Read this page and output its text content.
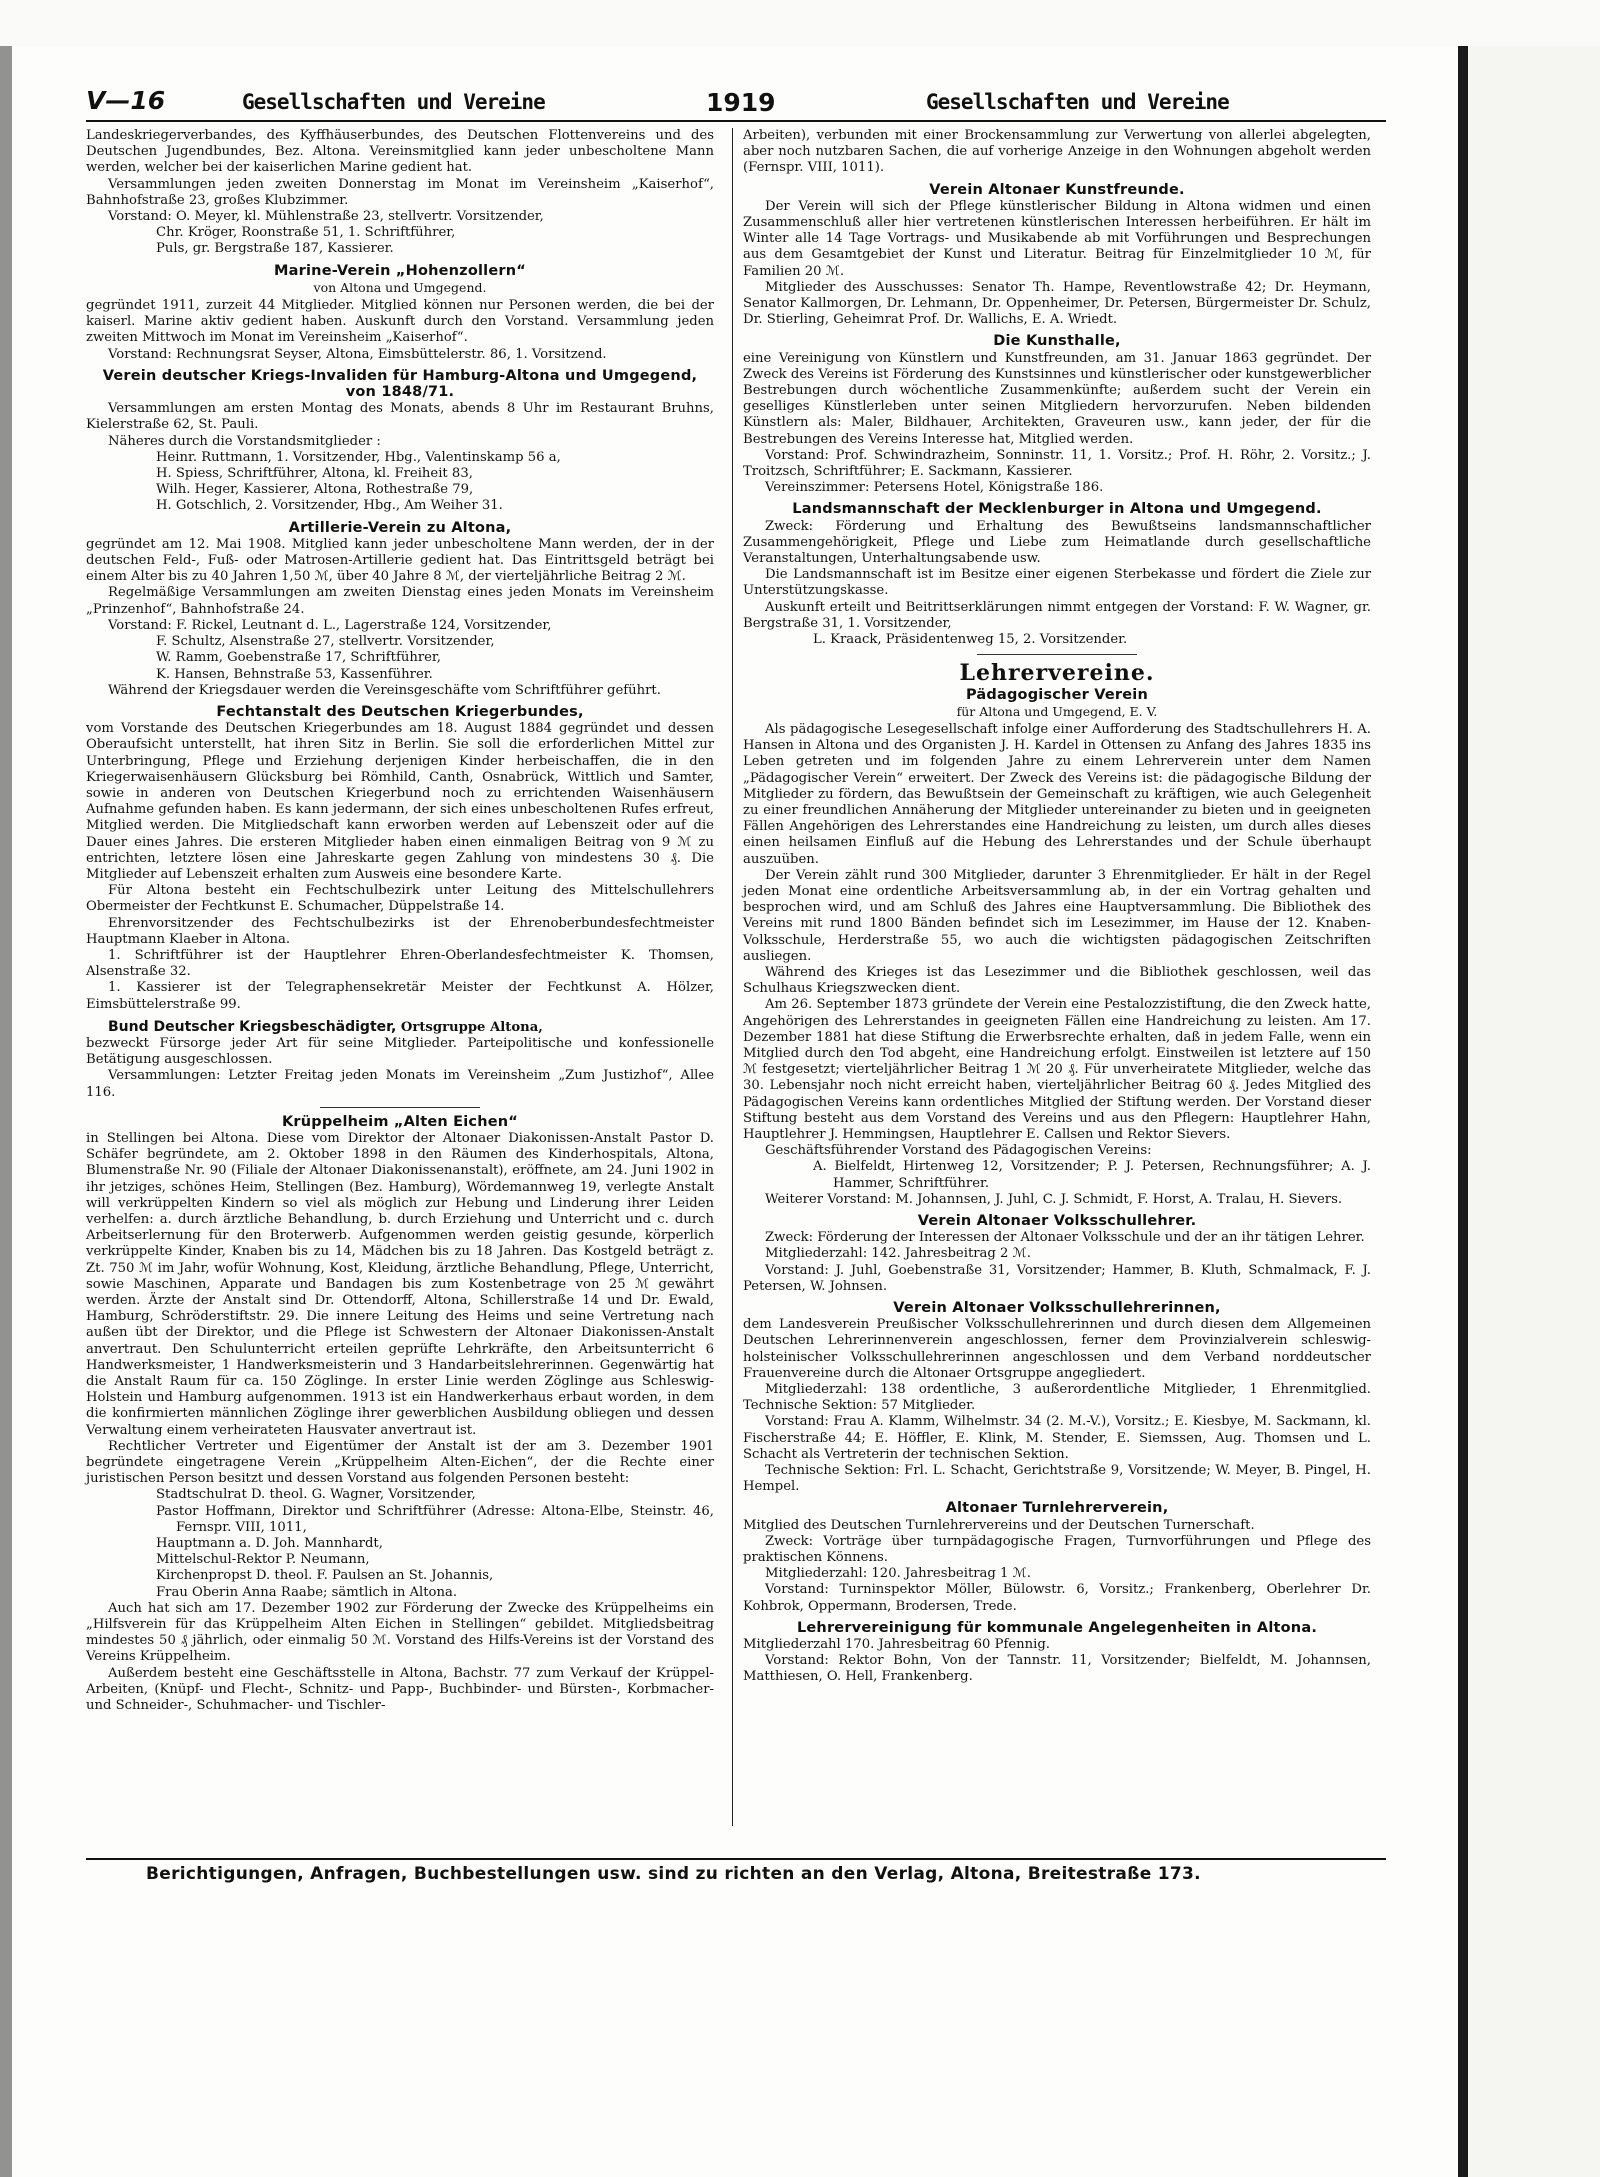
V—16	Gesellschaften und Vereine	1919	Gesellschaften und Vereine

Landeskriegerverbandes, des Kyffhäuserbundes, des Deutschen Flottenvereins und des Deutschen Jugendbundes, Bez. Altona. Vereinsmitglied kann jeder unbescholtene Mann werden, welcher bei der kaiserlichen Marine gedient hat.

Versammlungen jeden zweiten Donnerstag im Monat im Vereinsheim „Kaiserhof“, Bahnhofstraße 23, großes Klubzimmer.

Vorstand: O. Meyer, kl. Mühlenstraße 23, stellvertr. Vorsitzender,

Chr. Kröger, Roonstraße 51, 1. Schriftführer,

Puls, gr. Bergstraße 187, Kassierer.

Marine-Verein „Hohenzollern“
von Altona und Umgegend.

gegründet 1911, zurzeit 44 Mitglieder. Mitglied können nur Personen werden, die bei der kaiserl. Marine aktiv gedient haben. Auskunft durch den Vorstand. Versammlung jeden zweiten Mittwoch im Monat im Vereinsheim „Kaiserhof“.

Vorstand: Rechnungsrat Seyser, Altona, Eimsbüttelerstr. 86, 1. Vorsitzend.

Verein deutscher Kriegs-Invaliden für Hamburg-Altona und Umgegend, von 1848/71.

Versammlungen am ersten Montag des Monats, abends 8 Uhr im Restaurant Bruhns, Kielerstraße 62, St. Pauli.

Näheres durch die Vorstandsmitglieder :

Heinr. Ruttmann, 1. Vorsitzender, Hbg., Valentinskamp 56 a,

H. Spiess, Schriftführer, Altona, kl. Freiheit 83,

Wilh. Heger, Kassierer, Altona, Rothestraße 79,

H. Gotschlich, 2. Vorsitzender, Hbg., Am Weiher 31.

Artillerie-Verein zu Altona,

gegründet am 12. Mai 1908. Mitglied kann jeder unbescholtene Mann werden, der in der deutschen Feld-, Fuß- oder Matrosen-Artillerie gedient hat. Das Eintrittsgeld beträgt bei einem Alter bis zu 40 Jahren 1,50 ℳ, über 40 Jahre 8 ℳ, der vierteljährliche Beitrag 2 ℳ.

Regelmäßige Versammlungen am zweiten Dienstag eines jeden Monats im Vereinsheim „Prinzenhof“, Bahnhofstraße 24.

Vorstand: F. Rickel, Leutnant d. L., Lagerstraße 124, Vorsitzender,

F. Schultz, Alsenstraße 27, stellvertr. Vorsitzender,

W. Ramm, Goebenstraße 17, Schriftführer,

K. Hansen, Behnstraße 53, Kassenführer.

Während der Kriegsdauer werden die Vereinsgeschäfte vom Schriftführer geführt.

Fechtanstalt des Deutschen Kriegerbundes,

vom Vorstande des Deutschen Kriegerbundes am 18. August 1884 gegründet und dessen Oberaufsicht unterstellt, hat ihren Sitz in Berlin. Sie soll die erforderlichen Mittel zur Unterbringung, Pflege und Erziehung derjenigen Kinder herbeischaffen, die in den Kriegerwaisenhäusern Glücksburg bei Römhild, Canth, Osnabrück, Wittlich und Samter, sowie in anderen von Deutschen Kriegerbund noch zu errichtenden Waisenhäusern Aufnahme gefunden haben. Es kann jedermann, der sich eines unbescholtenen Rufes erfreut, Mitglied werden. Die Mitgliedschaft kann erworben werden auf Lebenszeit oder auf die Dauer eines Jahres. Die ersteren Mitglieder haben einen einmaligen Beitrag von 9 ℳ zu entrichten, letztere lösen eine Jahreskarte gegen Zahlung von mindestens 30 ₰. Die Mitglieder auf Lebenszeit erhalten zum Ausweis eine besondere Karte.

Für Altona besteht ein Fechtschulbezirk unter Leitung des Mittelschullehrers Obermeister der Fechtkunst E. Schumacher, Düppelstraße 14.

Ehrenvorsitzender des Fechtschulbezirks ist der Ehrenoberbundesfechtmeister Hauptmann Klaeber in Altona.

1. Schriftführer ist der Hauptlehrer Ehren-Oberlandesfechtmeister K. Thomsen, Alsenstraße 32.

1. Kassierer ist der Telegraphensekretär Meister der Fechtkunst A. Hölzer, Eimsbüttelerstraße 99.

Bund Deutscher Kriegsbeschädigter, Ortsgruppe Altona,

bezweckt Fürsorge jeder Art für seine Mitglieder. Parteipolitische und konfessionelle Betätigung ausgeschlossen.

Versammlungen: Letzter Freitag jeden Monats im Vereinsheim „Zum Justizhof“, Allee 116.

Krüppelheim „Alten Eichen“

in Stellingen bei Altona. Diese vom Direktor der Altonaer Diakonissen-Anstalt Pastor D. Schäfer begründete, am 2. Oktober 1898 in den Räumen des Kinderhospitals, Altona, Blumenstraße Nr. 90 (Filiale der Altonaer Diakonissenanstalt), eröffnete, am 24. Juni 1902 in ihr jetziges, schönes Heim, Stellingen (Bez. Hamburg), Wördemannweg 19, verlegte Anstalt will verkrüppelten Kindern so viel als möglich zur Hebung und Linderung ihrer Leiden verhelfen: a. durch ärztliche Behandlung, b. durch Erziehung und Unterricht und c. durch Arbeitserlernung für den Broterwerb. Aufgenommen werden geistig gesunde, körperlich verkrüppelte Kinder, Knaben bis zu 14, Mädchen bis zu 18 Jahren. Das Kostgeld beträgt z. Zt. 750 ℳ im Jahr, wofür Wohnung, Kost, Kleidung, ärztliche Behandlung, Pflege, Unterricht, sowie Maschinen, Apparate und Bandagen bis zum Kostenbetrage von 25 ℳ gewährt werden. Ärzte der Anstalt sind Dr. Ottendorff, Altona, Schillerstraße 14 und Dr. Ewald, Hamburg, Schröderstiftstr. 29. Die innere Leitung des Heims und seine Vertretung nach außen übt der Direktor, und die Pflege ist Schwestern der Altonaer Diakonissen-Anstalt anvertraut. Den Schulunterricht erteilen geprüfte Lehrkräfte, den Arbeitsunterricht 6 Handwerksmeister, 1 Handwerksmeisterin und 3 Handarbeitslehrerinnen. Gegenwärtig hat die Anstalt Raum für ca. 150 Zöglinge. In erster Linie werden Zöglinge aus Schleswig-Holstein und Hamburg aufgenommen. 1913 ist ein Handwerkerhaus erbaut worden, in dem die konfirmierten männlichen Zöglinge ihrer gewerblichen Ausbildung obliegen und dessen Verwaltung einem verheirateten Hausvater anvertraut ist.

Rechtlicher Vertreter und Eigentümer der Anstalt ist der am 3. Dezember 1901 begründete eingetragene Verein „Krüppelheim Alten-Eichen“, der die Rechte einer juristischen Person besitzt und dessen Vorstand aus folgenden Personen besteht:

Stadtschulrat D. theol. G. Wagner, Vorsitzender,

Pastor Hoffmann, Direktor und Schriftführer (Adresse: Altona-Elbe, Steinstr. 46, Fernspr. VIII, 1011,

Hauptmann a. D. Joh. Mannhardt,

Mittelschul-Rektor P. Neumann,

Kirchenpropst D. theol. F. Paulsen an St. Johannis,

Frau Oberin Anna Raabe; sämtlich in Altona.

Auch hat sich am 17. Dezember 1902 zur Förderung der Zwecke des Krüppelheims ein „Hilfsverein für das Krüppelheim Alten Eichen in Stellingen“ gebildet. Mitgliedsbeitrag mindestes 50 ₰ jährlich, oder einmalig 50 ℳ. Vorstand des Hilfs-Vereins ist der Vorstand des Vereins Krüppelheim.

Außerdem besteht eine Geschäftsstelle in Altona, Bachstr. 77 zum Verkauf der Krüppel-Arbeiten, (Knüpf- und Flecht-, Schnitz- und Papp-, Buchbinder- und Bürsten-, Korbmacher- und Schneider-, Schuhmacher- und Tischler-

Arbeiten), verbunden mit einer Brockensammlung zur Verwertung von allerlei abgelegten, aber noch nutzbaren Sachen, die auf vorherige Anzeige in den Wohnungen abgeholt werden (Fernspr. VIII, 1011).

Verein Altonaer Kunstfreunde.

Der Verein will sich der Pflege künstlerischer Bildung in Altona widmen und einen Zusammenschluß aller hier vertretenen künstlerischen Interessen herbeiführen. Er hält im Winter alle 14 Tage Vortrags- und Musikabende ab mit Vorführungen und Besprechungen aus dem Gesamtgebiet der Kunst und Literatur. Beitrag für Einzelmitglieder 10 ℳ, für Familien 20 ℳ.

Mitglieder des Ausschusses: Senator Th. Hampe, Reventlowstraße 42; Dr. Heymann, Senator Kallmorgen, Dr. Lehmann, Dr. Oppenheimer, Dr. Petersen, Bürgermeister Dr. Schulz, Dr. Stierling, Geheimrat Prof. Dr. Wallichs, E. A. Wriedt.

Die Kunsthalle,

eine Vereinigung von Künstlern und Kunstfreunden, am 31. Januar 1863 gegründet. Der Zweck des Vereins ist Förderung des Kunstsinnes und künstlerischer oder kunstgewerblicher Bestrebungen durch wöchentliche Zusammenkünfte; außerdem sucht der Verein ein geselliges Künstlerleben unter seinen Mitgliedern hervorzurufen. Neben bildenden Künstlern als: Maler, Bildhauer, Architekten, Graveuren usw., kann jeder, der für die Bestrebungen des Vereins Interesse hat, Mitglied werden.

Vorstand: Prof. Schwindrazheim, Sonninstr. 11, 1. Vorsitz.; Prof. H. Röhr, 2. Vorsitz.; J. Troitzsch, Schriftführer; E. Sackmann, Kassierer.

Vereinszimmer: Petersens Hotel, Königstraße 186.

Landsmannschaft der Mecklenburger in Altona und Umgegend.

Zweck: Förderung und Erhaltung des Bewußtseins landsmannschaftlicher Zusammengehörigkeit, Pflege und Liebe zum Heimatlande durch gesellschaftliche Veranstaltungen, Unterhaltungsabende usw.

Die Landsmannschaft ist im Besitze einer eigenen Sterbekasse und fördert die Ziele zur Unterstützungskasse.

Auskunft erteilt und Beitrittserklärungen nimmt entgegen der Vorstand: F. W. Wagner, gr. Bergstraße 31, 1. Vorsitzender,

L. Kraack, Präsidentenweg 15, 2. Vorsitzender.

Lehrervereine.
Pädagogischer Verein
für Altona und Umgegend, E. V.

Als pädagogische Lesegesellschaft infolge einer Aufforderung des Stadtschullehrers H. A. Hansen in Altona und des Organisten J. H. Kardel in Ottensen zu Anfang des Jahres 1835 ins Leben getreten und im folgenden Jahre zu einem Lehrerverein unter dem Namen „Pädagogischer Verein“ erweitert. Der Zweck des Vereins ist: die pädagogische Bildung der Mitglieder zu fördern, das Bewußtsein der Gemeinschaft zu kräftigen, wie auch Gelegenheit zu einer freundlichen Annäherung der Mitglieder untereinander zu bieten und in geeigneten Fällen Angehörigen des Lehrerstandes eine Handreichung zu leisten, um durch alles dieses einen heilsamen Einfluß auf die Hebung des Lehrerstandes und der Schule überhaupt auszuüben.

Der Verein zählt rund 300 Mitglieder, darunter 3 Ehrenmitglieder. Er hält in der Regel jeden Monat eine ordentliche Arbeitsversammlung ab, in der ein Vortrag gehalten und besprochen wird, und am Schluß des Jahres eine Hauptversammlung. Die Bibliothek des Vereins mit rund 1800 Bänden befindet sich im Lesezimmer, im Hause der 12. Knaben-Volksschule, Herderstraße 55, wo auch die wichtigsten pädagogischen Zeitschriften ausliegen.

Während des Krieges ist das Lesezimmer und die Bibliothek geschlossen, weil das Schulhaus Kriegszwecken dient.

Am 26. September 1873 gründete der Verein eine Pestalozzistiftung, die den Zweck hatte, Angehörigen des Lehrerstandes in geeigneten Fällen eine Handreichung zu leisten. Am 17. Dezember 1881 hat diese Stiftung die Erwerbsrechte erhalten, daß in jedem Falle, wenn ein Mitglied durch den Tod abgeht, eine Handreichung erfolgt. Einstweilen ist letztere auf 150 ℳ festgesetzt; vierteljährlicher Beitrag 1 ℳ 20 ₰. Für unverheiratete Mitglieder, welche das 30. Lebensjahr noch nicht erreicht haben, vierteljährlicher Beitrag 60 ₰. Jedes Mitglied des Pädagogischen Vereins kann ordentliches Mitglied der Stiftung werden. Der Vorstand dieser Stiftung besteht aus dem Vorstand des Vereins und aus den Pflegern: Hauptlehrer Hahn, Hauptlehrer J. Hemmingsen, Hauptlehrer E. Callsen und Rektor Sievers.

Geschäftsführender Vorstand des Pädagogischen Vereins:

A. Bielfeldt, Hirtenweg 12, Vorsitzender; P. J. Petersen, Rechnungsführer; A. J. Hammer, Schriftführer.

Weiterer Vorstand: M. Johannsen, J. Juhl, C. J. Schmidt, F. Horst, A. Tralau, H. Sievers.

Verein Altonaer Volksschullehrer.

Zweck: Förderung der Interessen der Altonaer Volksschule und der an ihr tätigen Lehrer.

Mitgliederzahl: 142. Jahresbeitrag 2 ℳ.

Vorstand: J. Juhl, Goebenstraße 31, Vorsitzender; Hammer, B. Kluth, Schmalmack, F. J. Petersen, W. Johnsen.

Verein Altonaer Volksschullehrerinnen,

dem Landesverein Preußischer Volksschullehrerinnen und durch diesen dem Allgemeinen Deutschen Lehrerinnenverein angeschlossen, ferner dem Provinzialverein schleswig-holsteinischer Volksschullehrerinnen angeschlossen und dem Verband norddeutscher Frauenvereine durch die Altonaer Ortsgruppe angegliedert.

Mitgliederzahl: 138 ordentliche, 3 außerordentliche Mitglieder, 1 Ehrenmitglied. Technische Sektion: 57 Mitglieder.

Vorstand: Frau A. Klamm, Wilhelmstr. 34 (2. M.-V.), Vorsitz.; E. Kiesbye, M. Sackmann, kl. Fischerstraße 44; E. Höffler, E. Klink, M. Stender, E. Siemssen, Aug. Thomsen und L. Schacht als Vertreterin der technischen Sektion.

Technische Sektion: Frl. L. Schacht, Gerichtstraße 9, Vorsitzende; W. Meyer, B. Pingel, H. Hempel.

Altonaer Turnlehrerverein,

Mitglied des Deutschen Turnlehrervereins und der Deutschen Turnerschaft.

Zweck: Vorträge über turnpädagogische Fragen, Turnvorführungen und Pflege des praktischen Könnens.

Mitgliederzahl: 120. Jahresbeitrag 1 ℳ.

Vorstand: Turninspektor Möller, Bülowstr. 6, Vorsitz.; Frankenberg, Oberlehrer Dr. Kohbrok, Oppermann, Brodersen, Trede.

Lehrervereinigung für kommunale Angelegenheiten in Altona.

Mitgliederzahl 170. Jahresbeitrag 60 Pfennig.

Vorstand: Rektor Bohn, Von der Tannstr. 11, Vorsitzender; Bielfeldt, M. Johannsen, Matthiesen, O. Hell, Frankenberg.

Berichtigungen, Anfragen, Buchbestellungen usw. sind zu richten an den Verlag, Altona, Breitestraße 173.
